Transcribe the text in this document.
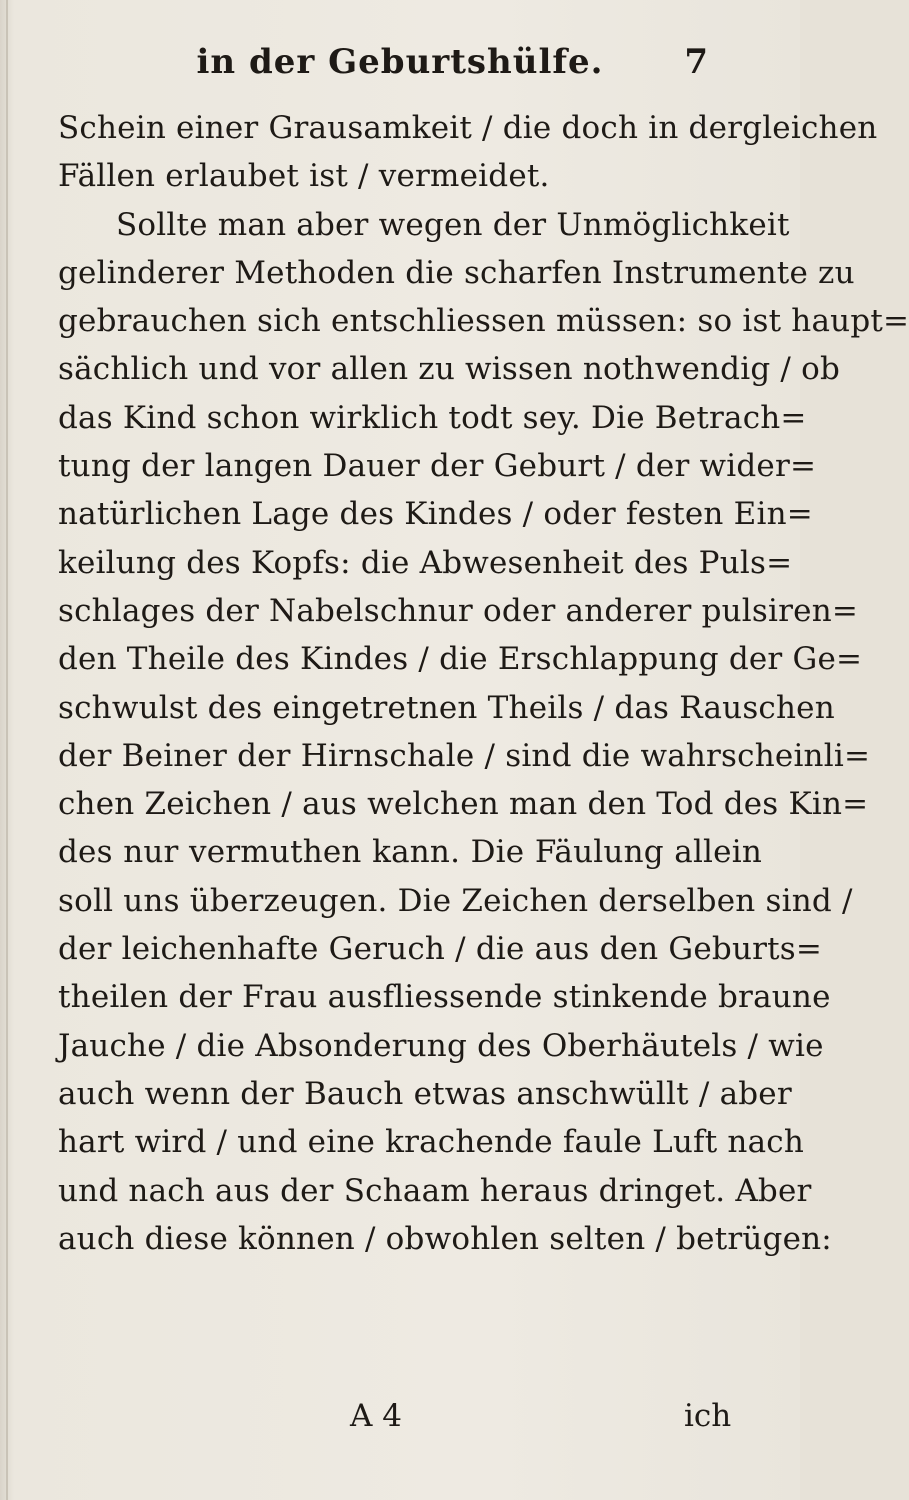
in der Geburtshülfe.	7
Schein einer Grausamkeit / die doch in dergleichen
Fällen erlaubet ist / vermeidet.
Sollte man aber wegen der Unmöglichkeit
gelinderer Methoden die scharfen Instrumente zu
gebrauchen sich entschliessen müssen: so ist haupt=
sächlich und vor allen zu wissen nothwendig / ob
das Kind schon wirklich todt sey. Die Betrach=
tung der langen Dauer der Geburt / der wider=
natürlichen Lage des Kindes / oder festen Ein=
keilung des Kopfs: die Abwesenheit des Puls=
schlages der Nabelschnur oder anderer pulsiren=
den Theile des Kindes / die Erschlappung der Ge=
schwulst des eingetretnen Theils / das Rauschen
der Beiner der Hirnschale / sind die wahrscheinli=
chen Zeichen / aus welchen man den Tod des Kin=
des nur vermuthen kann. Die Fäulung allein
soll uns überzeugen. Die Zeichen derselben sind /
der leichenhafte Geruch / die aus den Geburts=
theilen der Frau ausfliessende stinkende braune
Jauche / die Absonderung des Oberhäutels / wie
auch wenn der Bauch etwas anschwüllt / aber
hart wird / und eine krachende faule Luft nach
und nach aus der Schaam heraus dringet. Aber
auch diese können / obwohlen selten / betrügen:
A 4	ich
